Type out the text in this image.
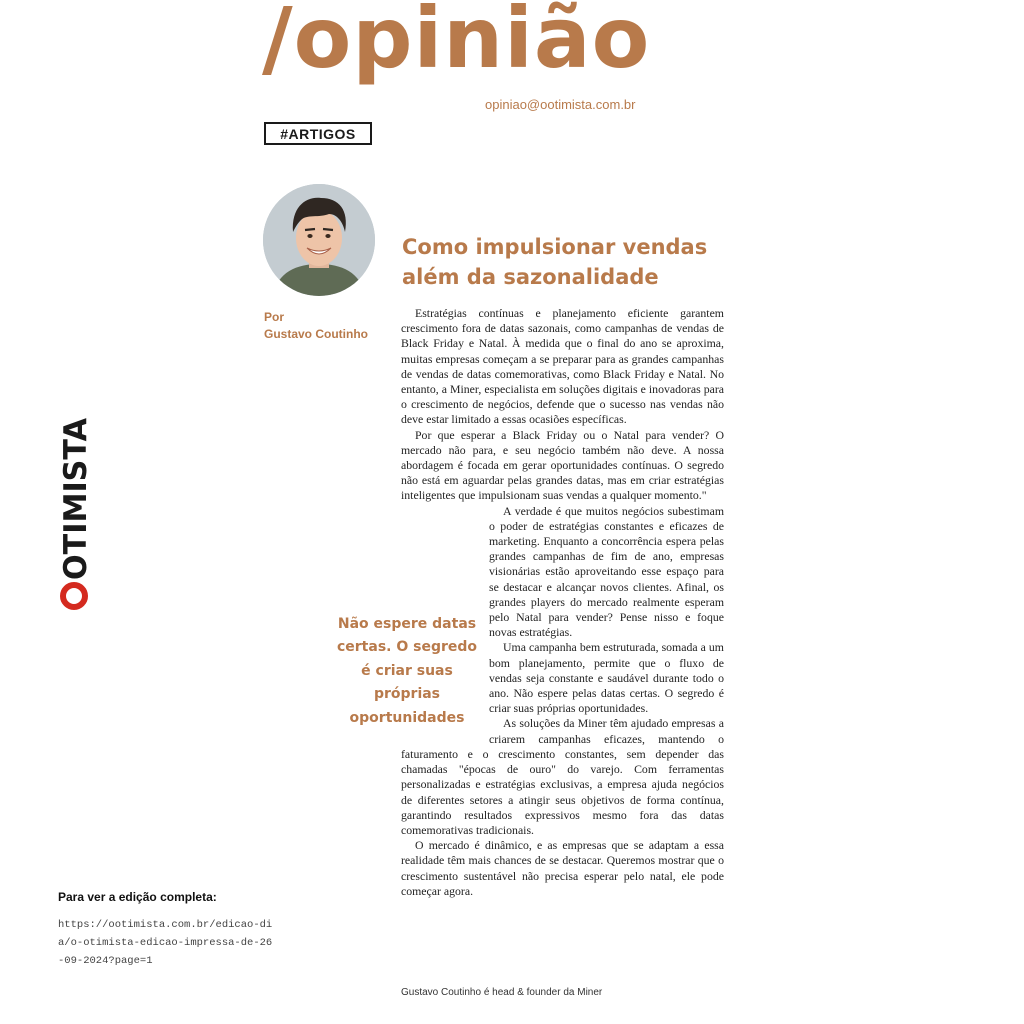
/opinião
opiniao@ootimista.com.br
#ARTIGOS
Por
Gustavo Coutinho
Como impulsionar vendas
além da sazonalidade
OTIMISTA
Não espere datas certas. O segredo é criar suas próprias oportunidades

Estratégias contínuas e planejamento eficiente garantem crescimento fora de datas sazonais, como campanhas de vendas de Black Friday e Natal. À medida que o final do ano se aproxima, muitas empresas começam a se preparar para as grandes campanhas de vendas de datas comemorativas, como Black Friday e Natal. No entanto, a Miner, especialista em soluções digitais e inovadoras para o crescimento de negócios, defende que o sucesso nas vendas não deve estar limitado a essas ocasiões específicas.

Por que esperar a Black Friday ou o Natal para vender? O mercado não para, e seu negócio também não deve. A nossa abordagem é focada em gerar oportunidades contínuas. O segredo não está em aguardar pelas grandes datas, mas em criar estratégias inteligentes que impulsionam suas vendas a qualquer momento."

A verdade é que muitos negócios subestimam o poder de estratégias constantes e eficazes de marketing. Enquanto a concorrência espera pelas grandes campanhas de fim de ano, empresas visionárias estão aproveitando esse espaço para se destacar e alcançar novos clientes. Afinal, os grandes players do mercado realmente esperam pelo Natal para vender? Pense nisso e foque novas estratégias.

Uma campanha bem estruturada, somada a um bom planejamento, permite que o fluxo de vendas seja constante e saudável durante todo o ano. Não espere pelas datas certas. O segredo é criar suas próprias oportunidades.

As soluções da Miner têm ajudado empresas a criarem campanhas eficazes, mantendo o faturamento e o crescimento constantes, sem depender das chamadas "épocas de ouro" do varejo. Com ferramentas personalizadas e estratégias exclusivas, a empresa ajuda negócios de diferentes setores a atingir seus objetivos de forma contínua, garantindo resultados expressivos mesmo fora das datas comemorativas tradicionais.

O mercado é dinâmico, e as empresas que se adaptam a essa realidade têm mais chances de se destacar. Queremos mostrar que o crescimento sustentável não precisa esperar pelo natal, ele pode começar agora.

Gustavo Coutinho é head & founder da Miner
Para ver a edição completa:
https://ootimista.com.br/edicao-dia/o-otimista-edicao-impressa-de-26-09-2024?page=1
